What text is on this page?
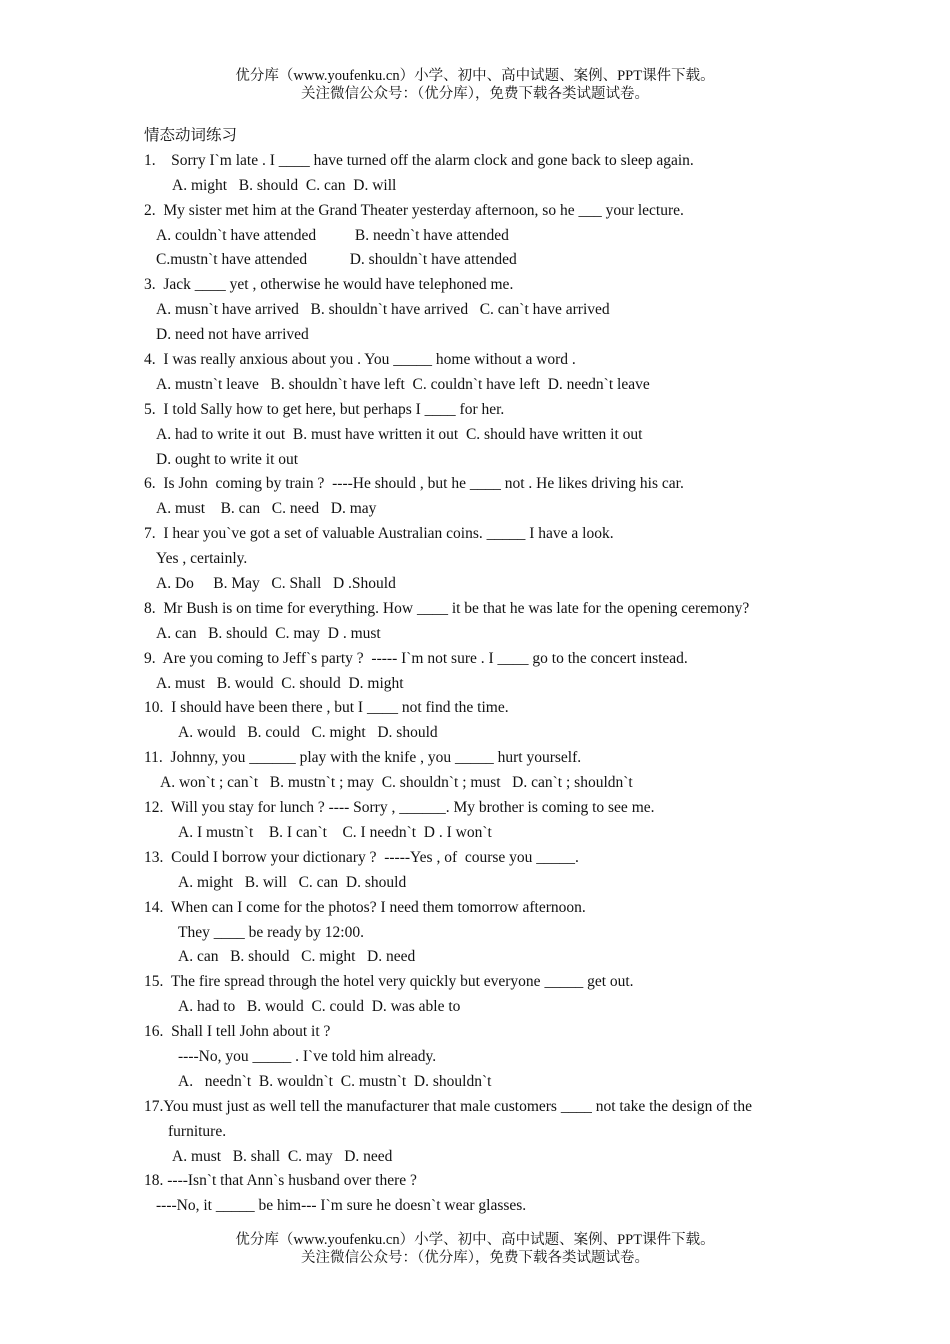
优分库（www.youfenku.cn）小学、初中、高中试题、案例、PPT课件下载。
关注微信公众号：（优分库），免费下载各类试题试卷。
情态动词练习
1.    Sorry I`m late . I ____ have turned off the alarm clock and gone back to sleep again.
A. might   B. should  C. can  D. will
2.  My sister met him at the Grand Theater yesterday afternoon, so he ___ your lecture.
A. couldn`t have attended          B. needn`t have attended
C.mustn`t have attended           D. shouldn`t have attended
3.  Jack ____ yet , otherwise he would have telephoned me.
A. musn`t have arrived   B. shouldn`t have arrived   C. can`t have arrived
D. need not have arrived
4.  I was really anxious about you . You _____ home without a word .
A. mustn`t leave   B. shouldn`t have left  C. couldn`t have left  D. needn`t leave
5.  I told Sally how to get here, but perhaps I ____ for her.
A. had to write it out  B. must have written it out  C. should have written it out
D. ought to write it out
6.  Is John  coming by train ?  ----He should , but he ____ not . He likes driving his car.
A. must    B. can   C. need   D. may
7.  I hear you`ve got a set of valuable Australian coins. _____ I have a look.
Yes , certainly.
A. Do     B. May   C. Shall   D .Should
8.  Mr Bush is on time for everything. How ____ it be that he was late for the opening ceremony?
A. can   B. should  C. may  D . must
9.  Are you coming to Jeff`s party ?  ----- I`m not sure . I ____ go to the concert instead.
A. must   B. would  C. should  D. might
10.  I should have been there , but I ____ not find the time.
A. would   B. could   C. might   D. should
11.  Johnny, you ______ play with the knife , you _____ hurt yourself.
A. won`t ; can`t   B. mustn`t ; may  C. shouldn`t ; must   D. can`t ; shouldn`t
12.  Will you stay for lunch ? ---- Sorry , ______. My brother is coming to see me.
A. I mustn`t    B. I can`t    C. I needn`t  D . I won`t
13.  Could I borrow your dictionary ?  -----Yes , of  course you _____.
A. might   B. will   C. can  D. should
14.  When can I come for the photos? I need them tomorrow afternoon.
They ____ be ready by 12:00.
A. can   B. should   C. might   D. need
15.  The fire spread through the hotel very quickly but everyone _____ get out.
A. had to   B. would  C. could  D. was able to
16.  Shall I tell John about it ?
----No, you _____ . I`ve told him already.
A.   needn`t  B. wouldn`t  C. mustn`t  D. shouldn`t
17.You must just as well tell the manufacturer that male customers ____ not take the design of the
furniture.
A. must   B. shall  C. may   D. need
18. ----Isn`t that Ann`s husband over there ?
----No, it _____ be him--- I`m sure he doesn`t wear glasses.
优分库（www.youfenku.cn）小学、初中、高中试题、案例、PPT课件下载。
关注微信公众号：（优分库），免费下载各类试题试卷。
